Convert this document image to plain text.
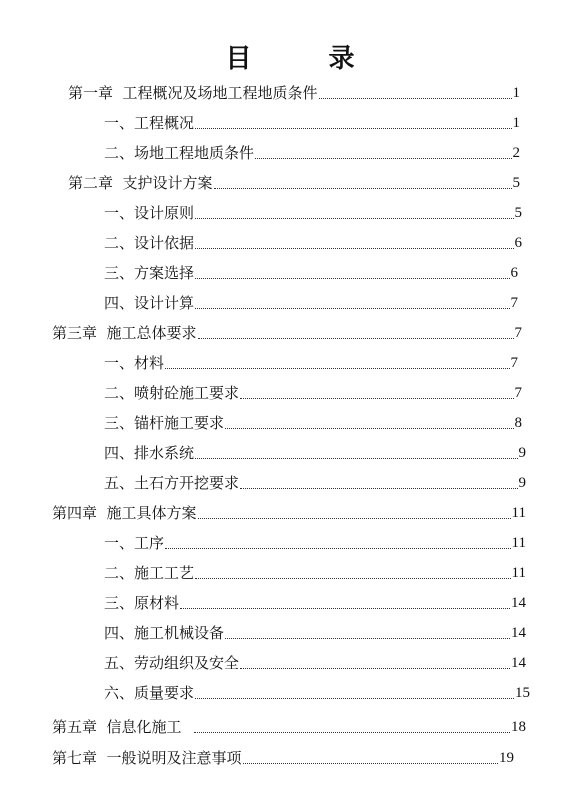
目 录
第一章  工程概况及场地工程地质条件	1
一、工程概况	1
二、场地工程地质条件	2
第二章  支护设计方案	5
一、设计原则	5
二、设计依据	6
三、方案选择	6
四、设计计算	7
第三章  施工总体要求	7
一、材料	7
二、喷射砼施工要求	7
三、锚杆施工要求	8
四、排水系统	9
五、土石方开挖要求	9
第四章  施工具体方案	11
一、工序	11
二、施工工艺	11
三、原材料	14
四、施工机械设备	14
五、劳动组织及安全	14
六、质量要求	15
第五章  信息化施工	18
第七章  一般说明及注意事项	19
